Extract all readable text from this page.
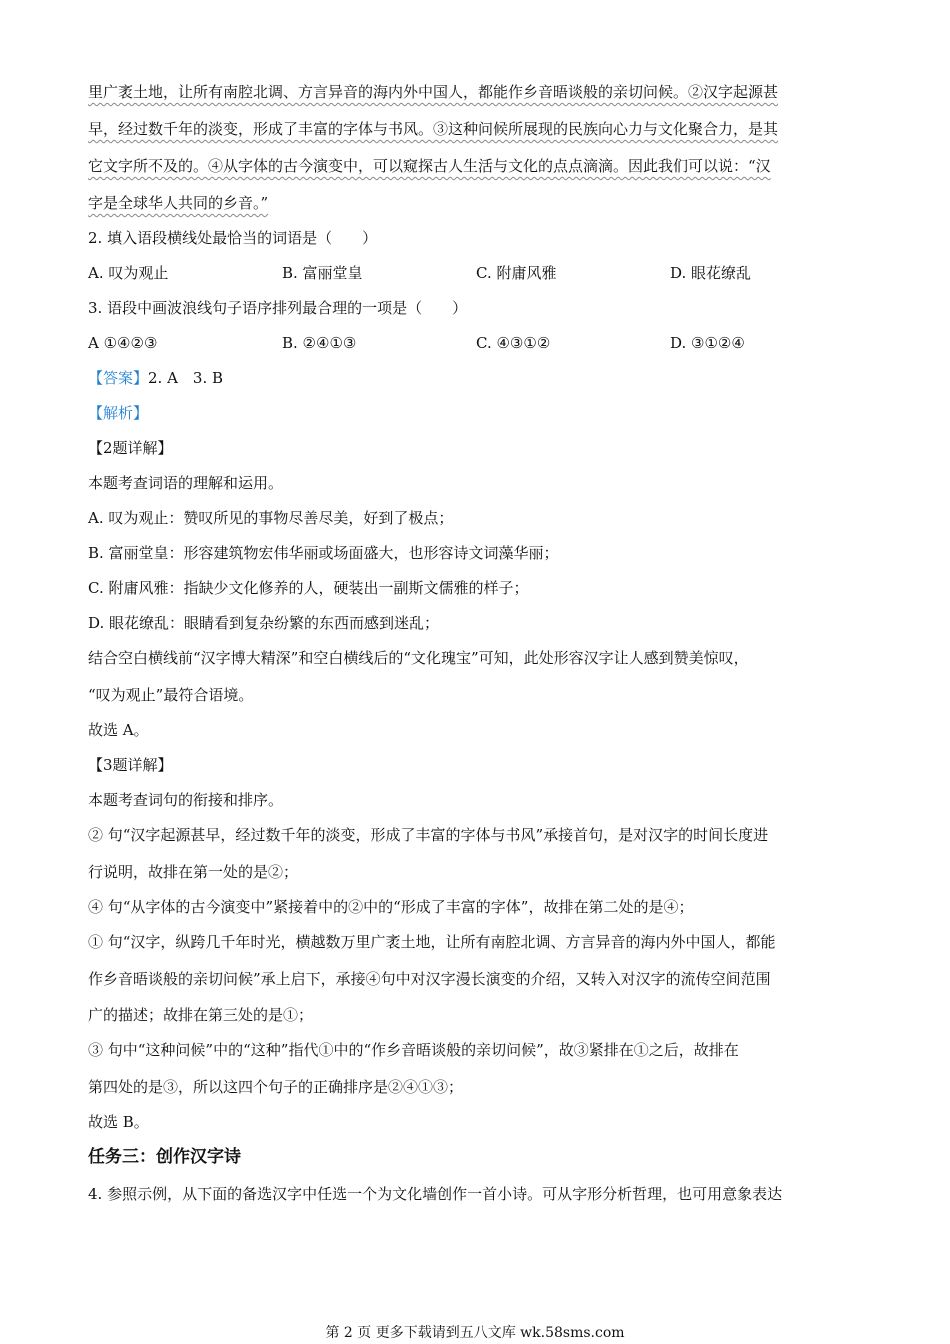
里广袤土地，让所有南腔北调、方言异音的海内外中国人，都能作乡音晤谈般的亲切问候。②汉字起源甚
早，经过数千年的淡变，形成了丰富的字体与书风。③这种问候所展现的民族向心力与文化聚合力，是其
它文字所不及的。④从字体的古今演变中，可以窥探古人生活与文化的点点滴滴。因此我们可以说：“汉
字是全球华人共同的乡音。”
2. 填入语段横线处最恰当的词语是（　　）
A. 叹为观止	B. 富丽堂皇	C. 附庸风雅	D. 眼花缭乱
3. 语段中画波浪线句子语序排列最合理的一项是（　　）
A ①④②③	B. ②④①③	C. ④③①②	D. ③①②④
【答案】2. A　3. B
【解析】
【2题详解】
本题考查词语的理解和运用。
A. 叹为观止：赞叹所见的事物尽善尽美，好到了极点；
B. 富丽堂皇：形容建筑物宏伟华丽或场面盛大，也形容诗文词藻华丽；
C. 附庸风雅：指缺少文化修养的人，硬装出一副斯文儒雅的样子；
D. 眼花缭乱：眼睛看到复杂纷繁的东西而感到迷乱；
结合空白横线前“汉字博大精深”和空白横线后的“文化瑰宝”可知，此处形容汉字让人感到赞美惊叹，
“叹为观止”最符合语境。
故选 A。
【3题详解】
本题考查词句的衔接和排序。
② 句“汉字起源甚早，经过数千年的淡变，形成了丰富的字体与书风”承接首句，是对汉字的时间长度进
行说明，故排在第一处的是②；
④ 句“从字体的古今演变中”紧接着中的②中的“形成了丰富的字体”，故排在第二处的是④；
① 句“汉字，纵跨几千年时光，横越数万里广袤土地，让所有南腔北调、方言异音的海内外中国人，都能
作乡音晤谈般的亲切问候”承上启下，承接④句中对汉字漫长演变的介绍，又转入对汉字的流传空间范围
广的描述；故排在第三处的是①；
③ 句中“这种问候”中的“这种”指代①中的“作乡音晤谈般的亲切问候”，故③紧排在①之后，故排在
第四处的是③，所以这四个句子的正确排序是②④①③；
故选 B。
任务三：创作汉字诗
4. 参照示例，从下面的备选汉字中任选一个为文化墙创作一首小诗。可从字形分析哲理，也可用意象表达
第 2 页 更多下载请到五八文库 wk.58sms.com
